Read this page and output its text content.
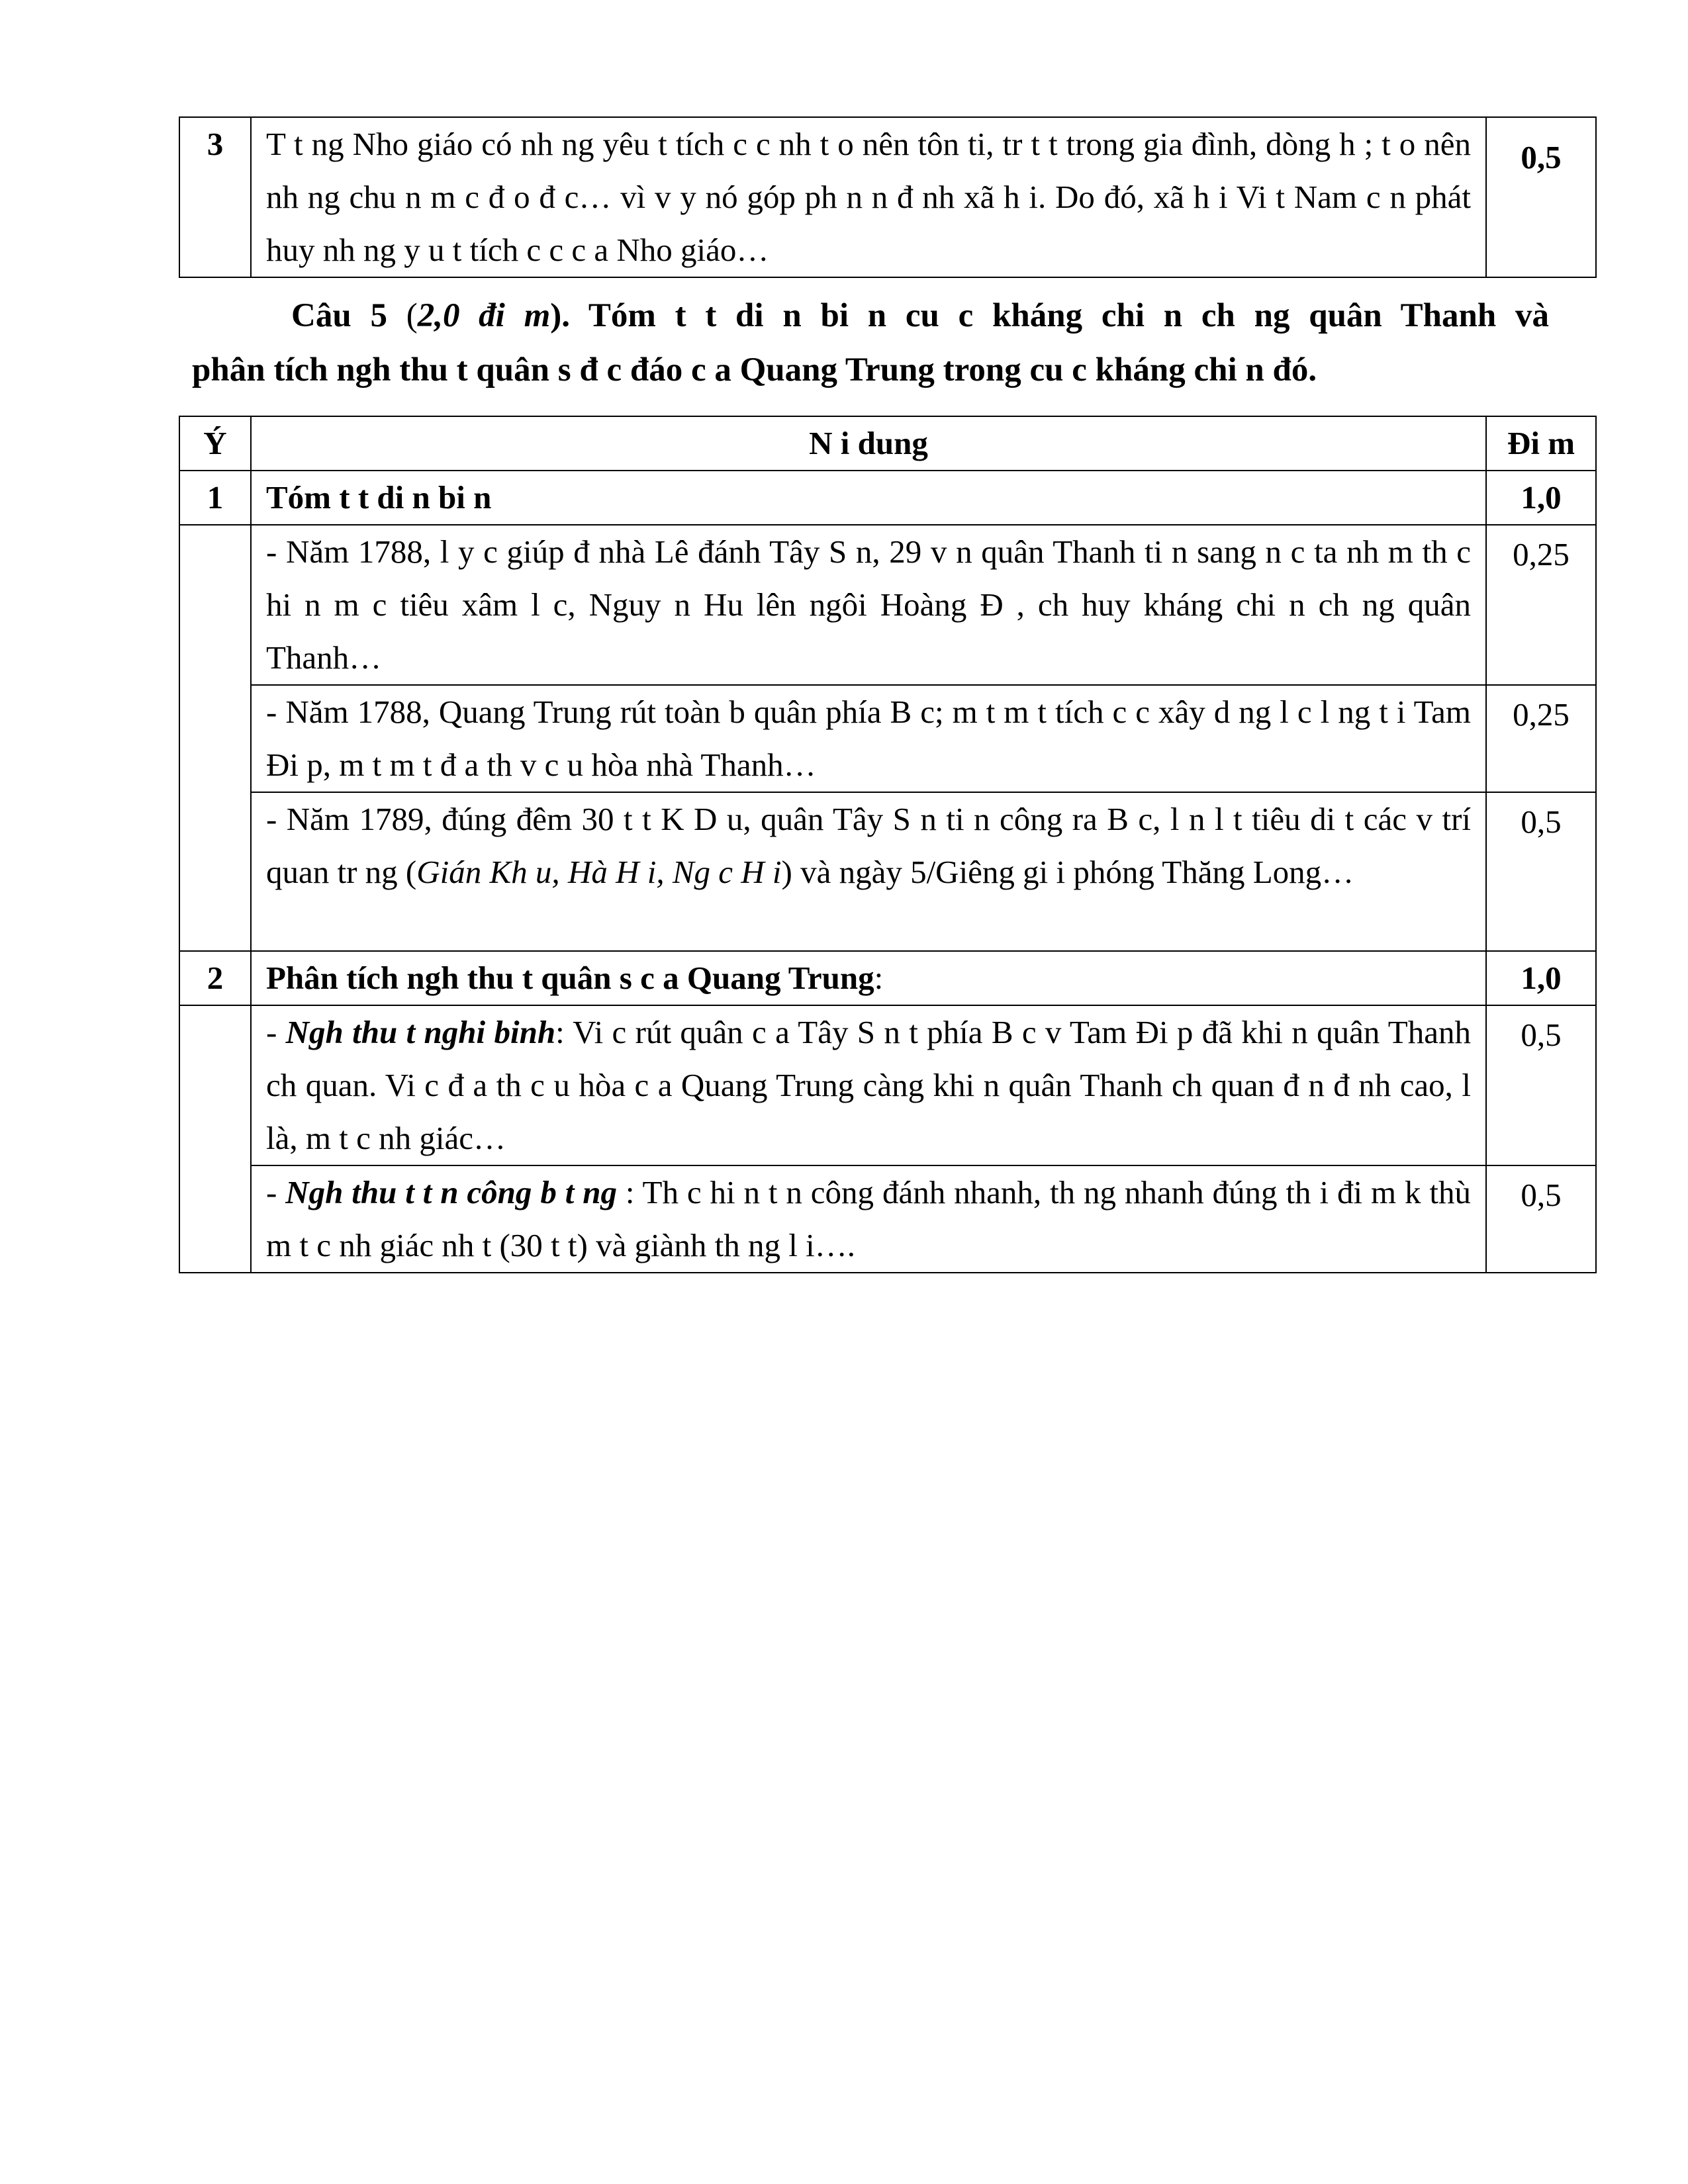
3	T t ng Nho giáo có nh ng yêu t tích c c nh t o nên tôn ti, tr t t trong gia đình, dòng h ; t o nên nh ng chu n m c đ o đ c… vì v y nó góp ph n n đ nh xã h i. Do đó, xã h i Vi t Nam c n phát huy nh ng y u t tích c c c a Nho giáo…	0,5
Câu 5 (2,0 đi m). Tóm t t di n bi n cu c kháng chi n ch ng quân Thanh và
phân tích ngh thu t quân s đ c đáo c a Quang Trung trong cu c kháng chi n đó.
Ý	N i dung	Đi m
1	Tóm t t di n bi n	1,0
	- Năm 1788, l y c giúp đ nhà Lê đánh Tây S n, 29 v n quân Thanh ti n sang n c ta nh m th c hi n m c tiêu xâm l c, Nguy n Hu lên ngôi Hoàng Đ , ch huy kháng chi n ch ng quân Thanh…	0,25
	- Năm 1788, Quang Trung rút toàn b quân phía B c; m t m t tích c c xây d ng l c l ng t i Tam Đi p, m t m t đ a th v c u hòa nhà Thanh…	0,25
	- Năm 1789, đúng đêm 30 t t K D u, quân Tây S n ti n công ra B c, l n l t tiêu di t các v trí quan tr ng (Gián Kh u, Hà H i, Ng c H i) và ngày 5/Giêng gi i phóng Thăng Long…	0,5
2	Phân tích ngh thu t quân s c a Quang Trung:	1,0
	- Ngh thu t nghi binh: Vi c rút quân c a Tây S n t phía B c v Tam Đi p đã khi n quân Thanh ch quan. Vi c đ a th c u hòa c a Quang Trung càng khi n quân Thanh ch quan đ n đ nh cao, l là, m t c nh giác…	0,5
	- Ngh thu t t n công b t ng : Th c hi n t n công đánh nhanh, th ng nhanh đúng th i đi m k thù m t c nh giác nh t (30 t t) và giành th ng l i….	0,5
